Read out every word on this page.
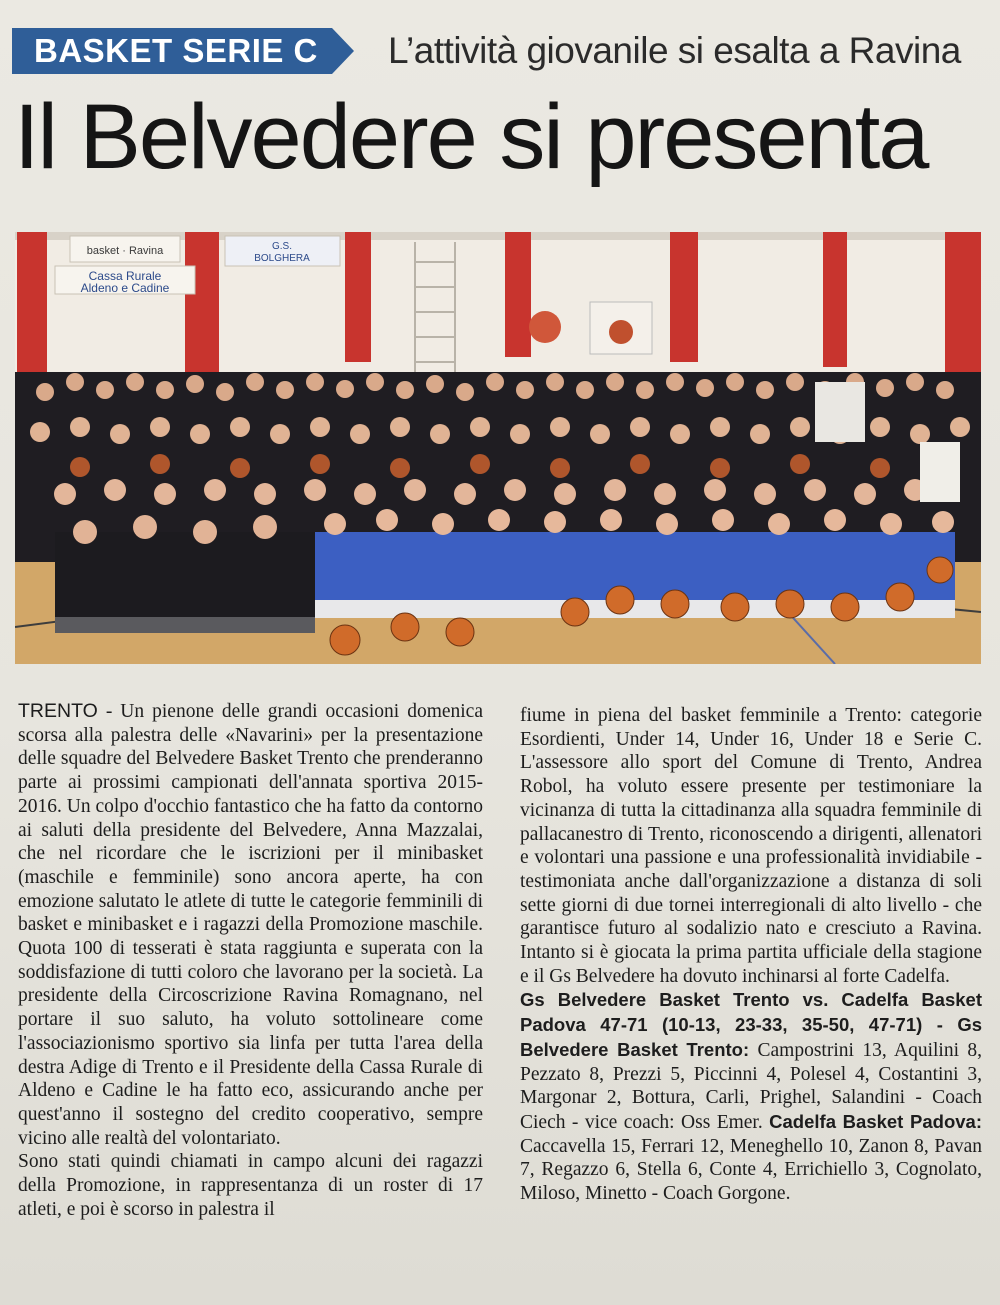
BASKET SERIE C	L’attività giovanile si esalta a Ravina
Il Belvedere si presenta
basket · Ravina
Cassa Rurale
Aldeno e Cadine
G.S.
BOLGHERA

TRENTO - Un pienone delle grandi occasioni domenica scorsa alla palestra delle «Navarini» per la presentazione delle squadre del Belvedere Basket Trento che prenderanno parte ai prossimi campionati dell'annata sportiva 2015-2016. Un colpo d'occhio fantastico che ha fatto da contorno ai saluti della presidente del Belvedere, Anna Mazzalai, che nel ricordare che le iscrizioni per il minibasket (maschile e femminile) sono ancora aperte, ha con emozione salutato le atlete di tutte le categorie femminili di basket e minibasket e i ragazzi della Promozione maschile. Quota 100 di tesserati è stata raggiunta e superata con la soddisfazione di tutti coloro che lavorano per la società. La presidente della Circoscrizione Ravina Romagnano, nel portare il suo saluto, ha voluto sottolineare come l'associazionismo sportivo sia linfa per tutta l'area della destra Adige di Trento e il Presidente della Cassa Rurale di Aldeno e Cadine le ha fatto eco, assicurando anche per quest'anno il sostegno del credito cooperativo, sempre vicino alle realtà del volontariato.

Sono stati quindi chiamati in campo alcuni dei ragazzi della Promozione, in rappresentanza di un roster di 17 atleti, e poi è scorso in palestra il

fiume in piena del basket femminile a Trento: categorie Esordienti, Under 14, Under 16, Under 18 e Serie C. L'assessore allo sport del Comune di Trento, Andrea Robol, ha voluto essere presente per testimoniare la vicinanza di tutta la cittadinanza alla squadra femminile di pallacanestro di Trento, riconoscendo a dirigenti, allenatori e volontari una passione e una professionalità invidiabile - testimoniata anche dall'organizzazione a distanza di soli sette giorni di due tornei interregionali di alto livello - che garantisce futuro al sodalizio nato e cresciuto a Ravina. Intanto si è giocata la prima partita ufficiale della stagione e il Gs Belvedere ha dovuto inchinarsi al forte Cadelfa.

Gs Belvedere Basket Trento vs. Cadelfa Basket Padova 47-71 (10-13, 23-33, 35-50, 47-71) - Gs Belvedere Basket Trento: Campostrini 13, Aquilini 8, Pezzato 8, Prezzi 5, Piccinni 4, Polesel 4, Costantini 3, Margonar 2, Bottura, Carli, Prighel, Salandini - Coach Ciech - vice coach: Oss Emer. Cadelfa Basket Padova: Caccavella 15, Ferrari 12, Meneghello 10, Zanon 8, Pavan 7, Regazzo 6, Stella 6, Conte 4, Errichiello 3, Cognolato, Miloso, Minetto - Coach Gorgone.
